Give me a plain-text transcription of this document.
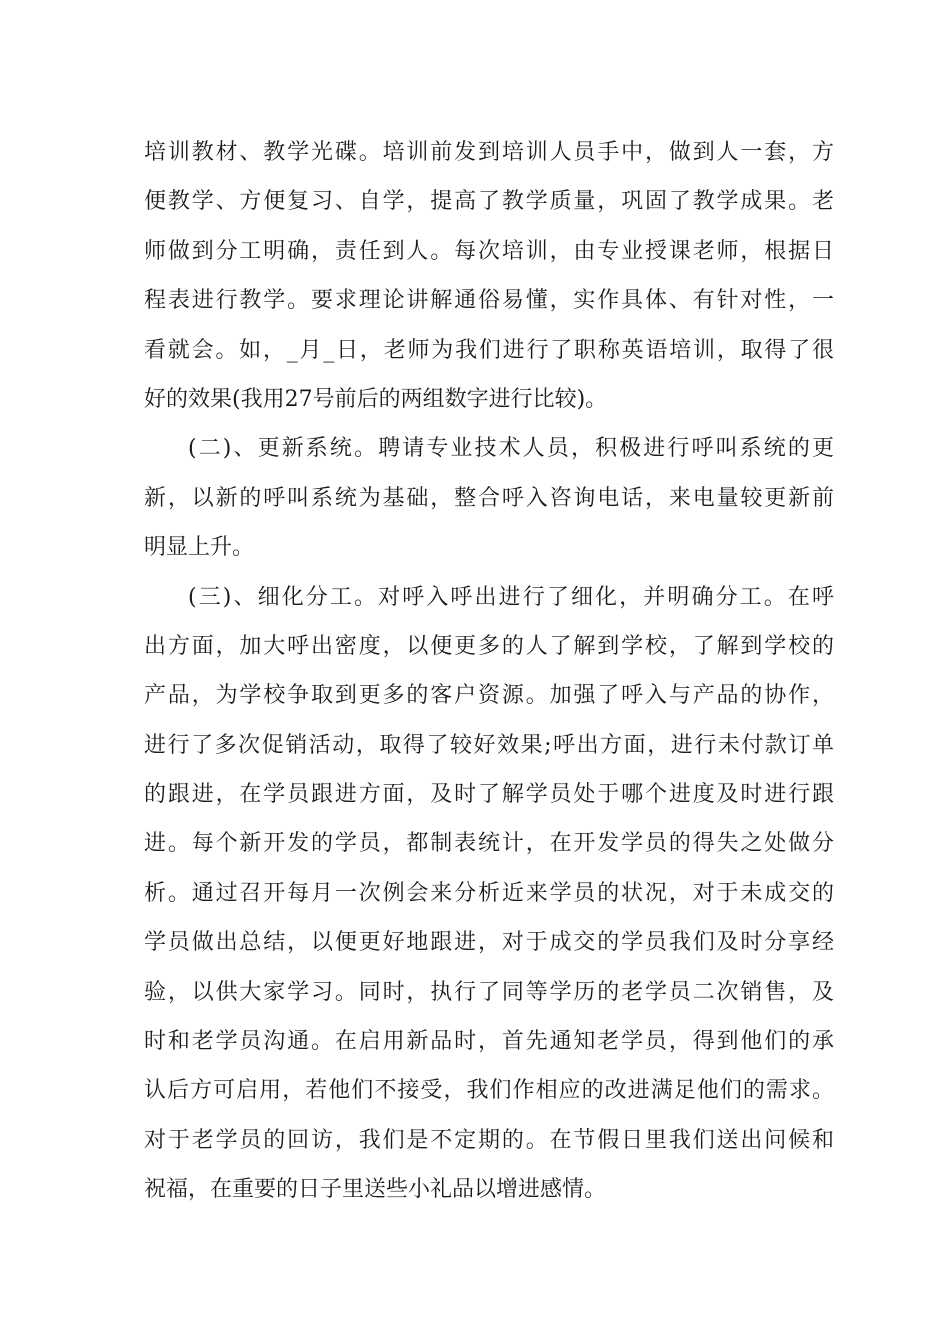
培训教材、教学光碟。培训前发到培训人员手中，做到人一套，方
便教学、方便复习、自学，提高了教学质量，巩固了教学成果。老
师做到分工明确，责任到人。每次培训，由专业授课老师，根据日
程表进行教学。要求理论讲解通俗易懂，实作具体、有针对性，一
看就会。如，_月_日，老师为我们进行了职称英语培训，取得了很
好的效果(我用27号前后的两组数字进行比较)。
(二)、更新系统。聘请专业技术人员，积极进行呼叫系统的更
新，以新的呼叫系统为基础，整合呼入咨询电话，来电量较更新前
明显上升。
(三)、细化分工。对呼入呼出进行了细化，并明确分工。在呼
出方面，加大呼出密度，以便更多的人了解到学校，了解到学校的
产品，为学校争取到更多的客户资源。加强了呼入与产品的协作，
进行了多次促销活动，取得了较好效果;呼出方面，进行未付款订单
的跟进，在学员跟进方面，及时了解学员处于哪个进度及时进行跟
进。每个新开发的学员，都制表统计，在开发学员的得失之处做分
析。通过召开每月一次例会来分析近来学员的状况，对于未成交的
学员做出总结，以便更好地跟进，对于成交的学员我们及时分享经
验，以供大家学习。同时，执行了同等学历的老学员二次销售，及
时和老学员沟通。在启用新品时，首先通知老学员，得到他们的承
认后方可启用，若他们不接受，我们作相应的改进满足他们的需求。
对于老学员的回访，我们是不定期的。在节假日里我们送出问候和
祝福，在重要的日子里送些小礼品以增进感情。
